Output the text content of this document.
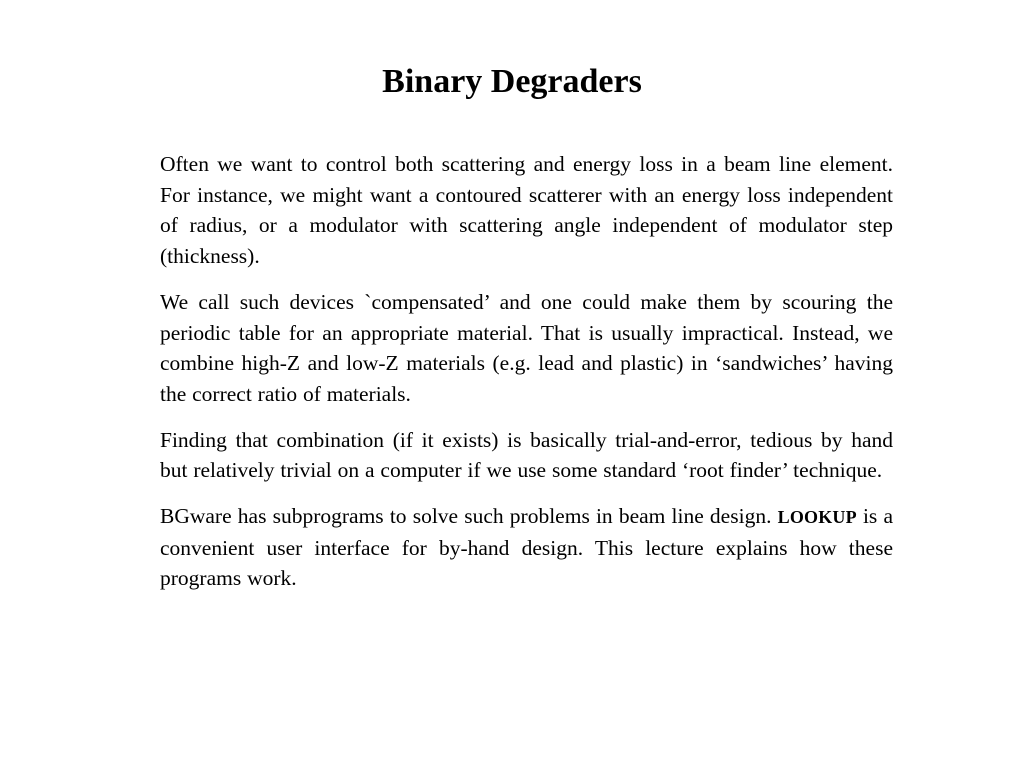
Binary Degraders

Often we want to control both scattering and energy loss in a beam line element. For instance, we might want a contoured scatterer with an energy loss independent of radius, or a modulator with scattering angle independent of modulator step (thickness).

We call such devices `compensated’ and one could make them by scouring the periodic table for an appropriate material. That is usually impractical. Instead, we combine high-Z and low-Z materials (e.g. lead and plastic) in ‘sandwiches’ having the correct ratio of materials.

Finding that combination (if it exists) is basically trial-and-error, tedious by hand but relatively trivial on a computer if we use some standard ‘root finder’ technique.

BGware has subprograms to solve such problems in beam line design. LOOKUP is a convenient user interface for by-hand design. This lecture explains how these programs work.
